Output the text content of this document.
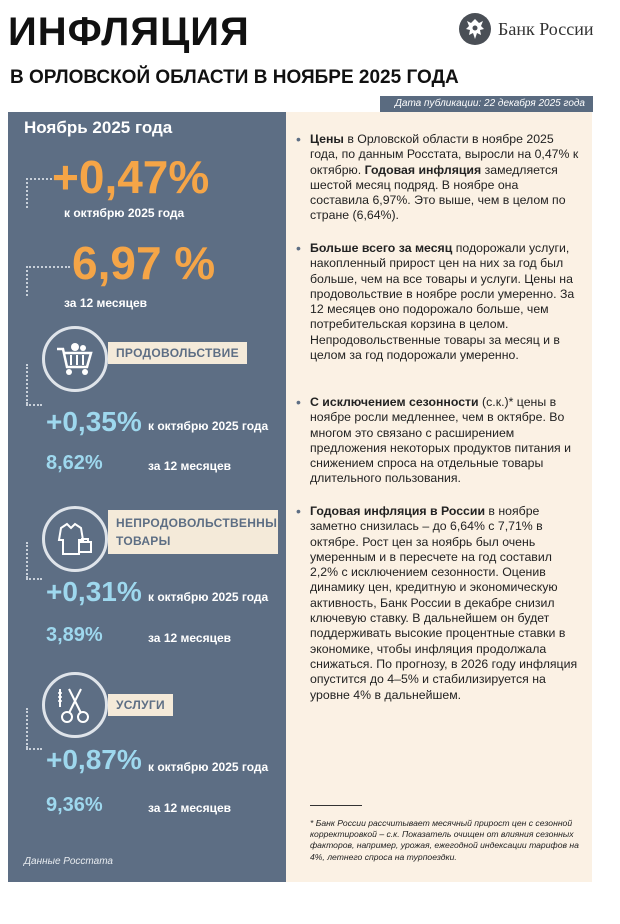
ИНФЛЯЦИЯ
В ОРЛОВСКОЙ ОБЛАСТИ В НОЯБРЕ 2025 ГОДА
Банк России
Дата публикации: 22 декабря 2025 года
Ноябрь 2025 года
+0,47%
к октябрю 2025 года
6,97 %
за 12 месяцев
ПРОДОВОЛЬСТВИЕ
+0,35% к октябрю 2025 года
8,62%	за 12 месяцев
НЕПРОДОВОЛЬСТВЕННЫЕ ТОВАРЫ
+0,31% к октябрю 2025 года
3,89%	за 12 месяцев
УСЛУГИ
+0,87% к октябрю 2025 года
9,36%	за 12 месяцев
Данные Росстата
• Цены в Орловской области в ноябре 2025 года, по данным Росстата, выросли на 0,47% к октябрю. Годовая инфляция замедляется шестой месяц подряд. В ноябре она составила 6,97%. Это выше, чем в целом по стране (6,64%).
• Больше всего за месяц подорожали услуги, накопленный прирост цен на них за год был больше, чем на все товары и услуги. Цены на продовольствие в ноябре росли умеренно. За 12 месяцев оно подорожало больше, чем потребительская корзина в целом. Непродовольственные товары за месяц и в целом за год подорожали умеренно.
• С исключением сезонности (с.к.)* цены в ноябре росли медленнее, чем в октябре. Во многом это связано с расширением предложения некоторых продуктов питания и снижением спроса на отдельные товары длительного пользования.
• Годовая инфляция в России в ноябре заметно снизилась – до 6,64% с 7,71% в октябре. Рост цен за ноябрь был очень умеренным и в пересчете на год составил 2,2% с исключением сезонности. Оценив динамику цен, кредитную и экономическую активность, Банк России в декабре снизил ключевую ставку. В дальнейшем он будет поддерживать высокие процентные ставки в экономике, чтобы инфляция продолжала снижаться. По прогнозу, в 2026 году инфляция опустится до 4–5% и стабилизируется на уровне 4% в дальнейшем.
* Банк России рассчитывает месячный прирост цен с сезонной корректировкой – с.к. Показатель очищен от влияния сезонных факторов, например, урожая, ежегодной индексации тарифов на 4%, летнего спроса на турпоездки.
